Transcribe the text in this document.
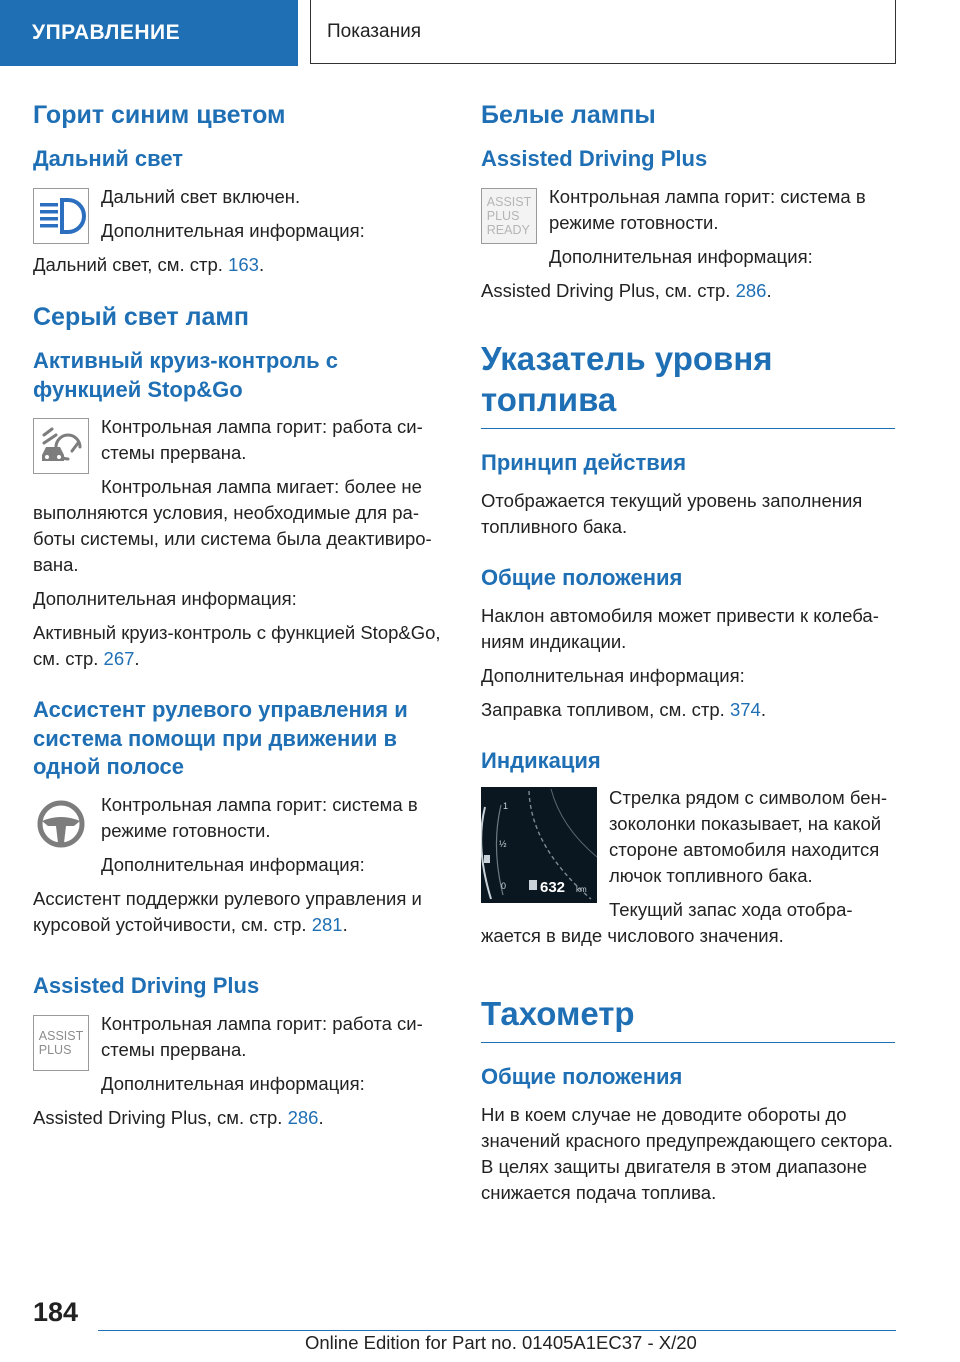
УПРАВЛЕНИЕ	Показания
Горит синим цветом
Дальний свет

Дальний свет включен.

Дополнительная информация:

Дальний свет, см. стр. 163.

Серый свет ламп
Активный круиз-контроль с функцией Stop&Go

Контрольная лампа горит: работа системы прервана.

Контрольная лампа мигает: более не выполняются условия, необходимые для работы системы, или система была деактивирована.

Дополнительная информация:

Активный круиз-контроль с функцией Stop&Go, см. стр. 267.

Ассистент рулевого управления и система помощи при движении в одной полосе

Контрольная лампа горит: система в режиме готовности.

Дополнительная информация:

Ассистент поддержки рулевого управления и курсовой устойчивости, см. стр. 281.

Assisted Driving Plus
ASSIST
PLUS

Контрольная лампа горит: работа системы прервана.

Дополнительная информация:

Assisted Driving Plus, см. стр. 286.

Белые лампы
Assisted Driving Plus
ASSIST
PLUS
READY

Контрольная лампа горит: система в режиме готовности.

Дополнительная информация:

Assisted Driving Plus, см. стр. 286.

Указатель уровня топлива
Принцип действия

Отображается текущий уровень заполнения топливного бака.

Общие положения

Наклон автомобиля может привести к колебаниям индикации.

Дополнительная информация:

Заправка топливом, см. стр. 374.

Индикация
1
½
0 632 km

Стрелка рядом с символом бензоколонки показывает, на какой стороне автомобиля находится лючок топливного бака.

Текущий запас хода отображается в виде числового значения.

Тахометр
Общие положения

Ни в коем случае не доводите обороты до значений красного предупреждающего сектора. В целях защиты двигателя в этом диапазоне снижается подача топлива.

184
Online Edition for Part no. 01405A1EC37 - X/20
